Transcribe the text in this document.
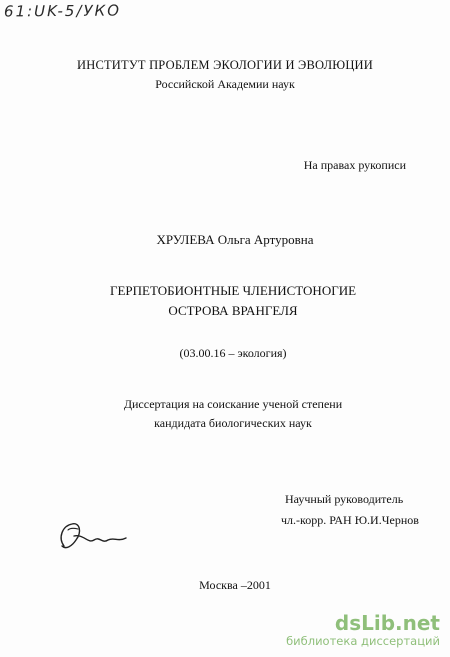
61:UK-5/УКО
ИНСТИТУТ ПРОБЛЕМ ЭКОЛОГИИ И ЭВОЛЮЦИИ
Российской Академии наук
На правах рукописи
ХРУЛЕВА Ольга Артуровна
ГЕРПЕТОБИОНТНЫЕ ЧЛЕНИСТОНОГИЕ
ОСТРОВА ВРАНГЕЛЯ
(03.00.16 – экология)
Диссертация на соискание ученой степени
кандидата биологических наук
Научный руководитель
чл.-корр. РАН Ю.И.Чернов
Москва –2001
dsLib.net
библиотека диссертаций
